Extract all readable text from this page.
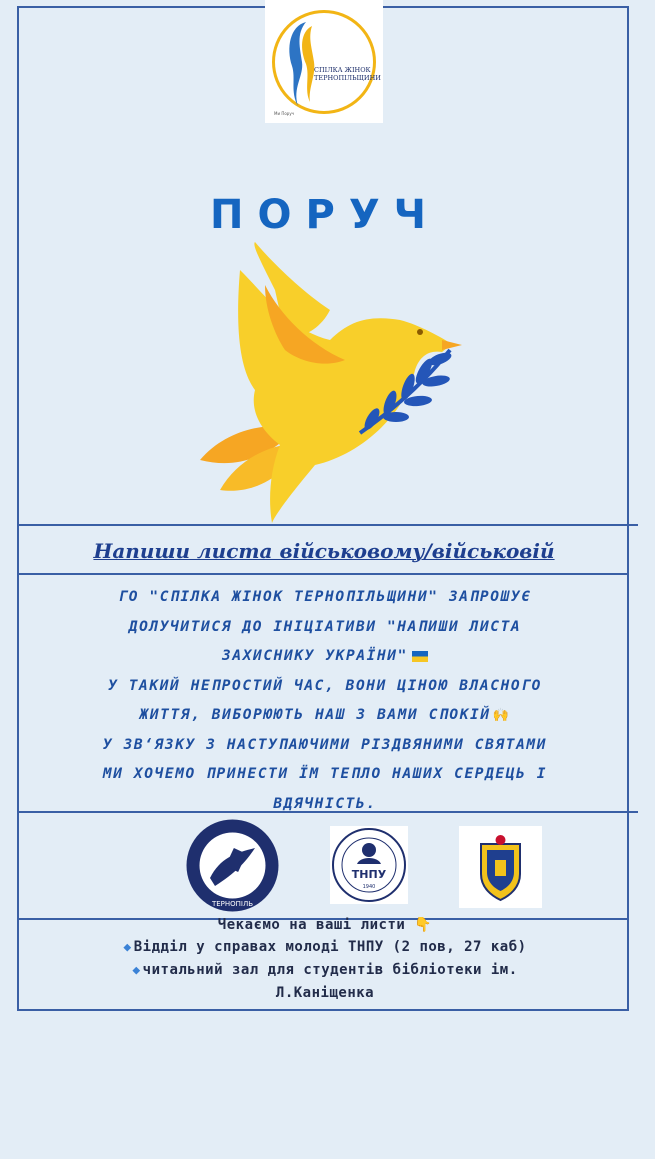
СПІЛКА ЖІНОК
ТЕРНОПІЛЬЩИНИ
Ми Поруч
ПОРУЧ
Напиши листа військовому/військовій

ГО "СПІЛКА ЖІНОК ТЕРНОПІЛЬЩИНИ" ЗАПРОШУЄ

ДОЛУЧИТИСЯ ДО ІНІЦІАТИВИ "НАПИШИ ЛИСТА

ЗАХИСНИКУ УКРАЇНИ"

У ТАКИЙ НЕПРОСТИЙ ЧАС, ВОНИ ЦІНОЮ ВЛАСНОГО

ЖИТТЯ, ВИБОРЮЮТЬ НАШ З ВАМИ СПОКІЙ 🙌

У ЗВ‘ЯЗКУ З НАСТУПАЮЧИМИ РІЗДВЯНИМИ СВЯТАМИ

МИ ХОЧЕМО ПРИНЕСТИ ЇМ ТЕПЛО НАШИХ СЕРДЕЦЬ І

ВДЯЧНІСТЬ.

ТЕРНОПІЛЬ
ТНПУ
1940

Чекаємо на ваші листи 👇

◆ Відділ у справах молоді ТНПУ (2 пов, 27 каб)

◆ читальний зал для студентів бібліотеки ім.

Л.Каніщенка
